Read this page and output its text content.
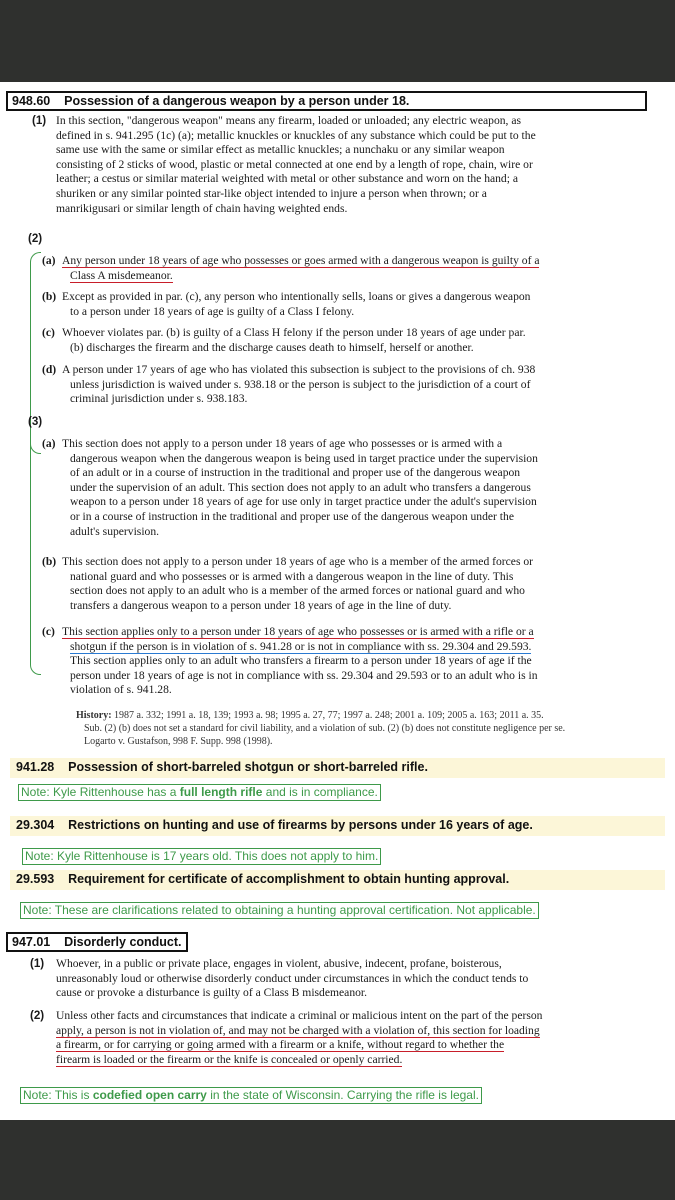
948.60 Possession of a dangerous weapon by a person under 18.
(1) In this section, "dangerous weapon" means any firearm, loaded or unloaded; any electric weapon, as
defined in s. 941.295 (1c) (a); metallic knuckles or knuckles of any substance which could be put to the
same use with the same or similar effect as metallic knuckles; a nunchaku or any similar weapon
consisting of 2 sticks of wood, plastic or metal connected at one end by a length of rope, chain, wire or
leather; a cestus or similar material weighted with metal or other substance and worn on the hand; a
shuriken or any similar pointed star-like object intended to injure a person when thrown; or a
manrikigusari or similar length of chain having weighted ends.
(2)
(a) Any person under 18 years of age who possesses or goes armed with a dangerous weapon is guilty of a
Class A misdemeanor.
(b) Except as provided in par. (c), any person who intentionally sells, loans or gives a dangerous weapon
to a person under 18 years of age is guilty of a Class I felony.
(c) Whoever violates par. (b) is guilty of a Class H felony if the person under 18 years of age under par.
(b) discharges the firearm and the discharge causes death to himself, herself or another.
(d) A person under 17 years of age who has violated this subsection is subject to the provisions of ch. 938
unless jurisdiction is waived under s. 938.18 or the person is subject to the jurisdiction of a court of
criminal jurisdiction under s. 938.183.
(3)
(a) This section does not apply to a person under 18 years of age who possesses or is armed with a
dangerous weapon when the dangerous weapon is being used in target practice under the supervision
of an adult or in a course of instruction in the traditional and proper use of the dangerous weapon
under the supervision of an adult. This section does not apply to an adult who transfers a dangerous
weapon to a person under 18 years of age for use only in target practice under the adult's supervision
or in a course of instruction in the traditional and proper use of the dangerous weapon under the
adult's supervision.
(b) This section does not apply to a person under 18 years of age who is a member of the armed forces or
national guard and who possesses or is armed with a dangerous weapon in the line of duty. This
section does not apply to an adult who is a member of the armed forces or national guard and who
transfers a dangerous weapon to a person under 18 years of age in the line of duty.
(c) This section applies only to a person under 18 years of age who possesses or is armed with a rifle or a
shotgun if the person is in violation of s. 941.28 or is not in compliance with ss. 29.304 and 29.593.
This section applies only to an adult who transfers a firearm to a person under 18 years of age if the
person under 18 years of age is not in compliance with ss. 29.304 and 29.593 or to an adult who is in
violation of s. 941.28.
History: 1987 a. 332; 1991 a. 18, 139; 1993 a. 98; 1995 a. 27, 77; 1997 a. 248; 2001 a. 109; 2005 a. 163; 2011 a. 35.
Sub. (2) (b) does not set a standard for civil liability, and a violation of sub. (2) (b) does not constitute negligence per se.
Logarto v. Gustafson, 998 F. Supp. 998 (1998).
941.28 Possession of short-barreled shotgun or short-barreled rifle.
Note: Kyle Rittenhouse has a full length rifle and is in compliance.
29.304 Restrictions on hunting and use of firearms by persons under 16 years of age.
Note: Kyle Rittenhouse is 17 years old. This does not apply to him.
29.593 Requirement for certificate of accomplishment to obtain hunting approval.
Note: These are clarifications related to obtaining a hunting approval certification. Not applicable.
947.01 Disorderly conduct.
(1) Whoever, in a public or private place, engages in violent, abusive, indecent, profane, boisterous,
unreasonably loud or otherwise disorderly conduct under circumstances in which the conduct tends to
cause or provoke a disturbance is guilty of a Class B misdemeanor.
(2) Unless other facts and circumstances that indicate a criminal or malicious intent on the part of the person
apply, a person is not in violation of, and may not be charged with a violation of, this section for loading
a firearm, or for carrying or going armed with a firearm or a knife, without regard to whether the
firearm is loaded or the firearm or the knife is concealed or openly carried.
Note: This is codefied open carry in the state of Wisconsin. Carrying the rifle is legal.
